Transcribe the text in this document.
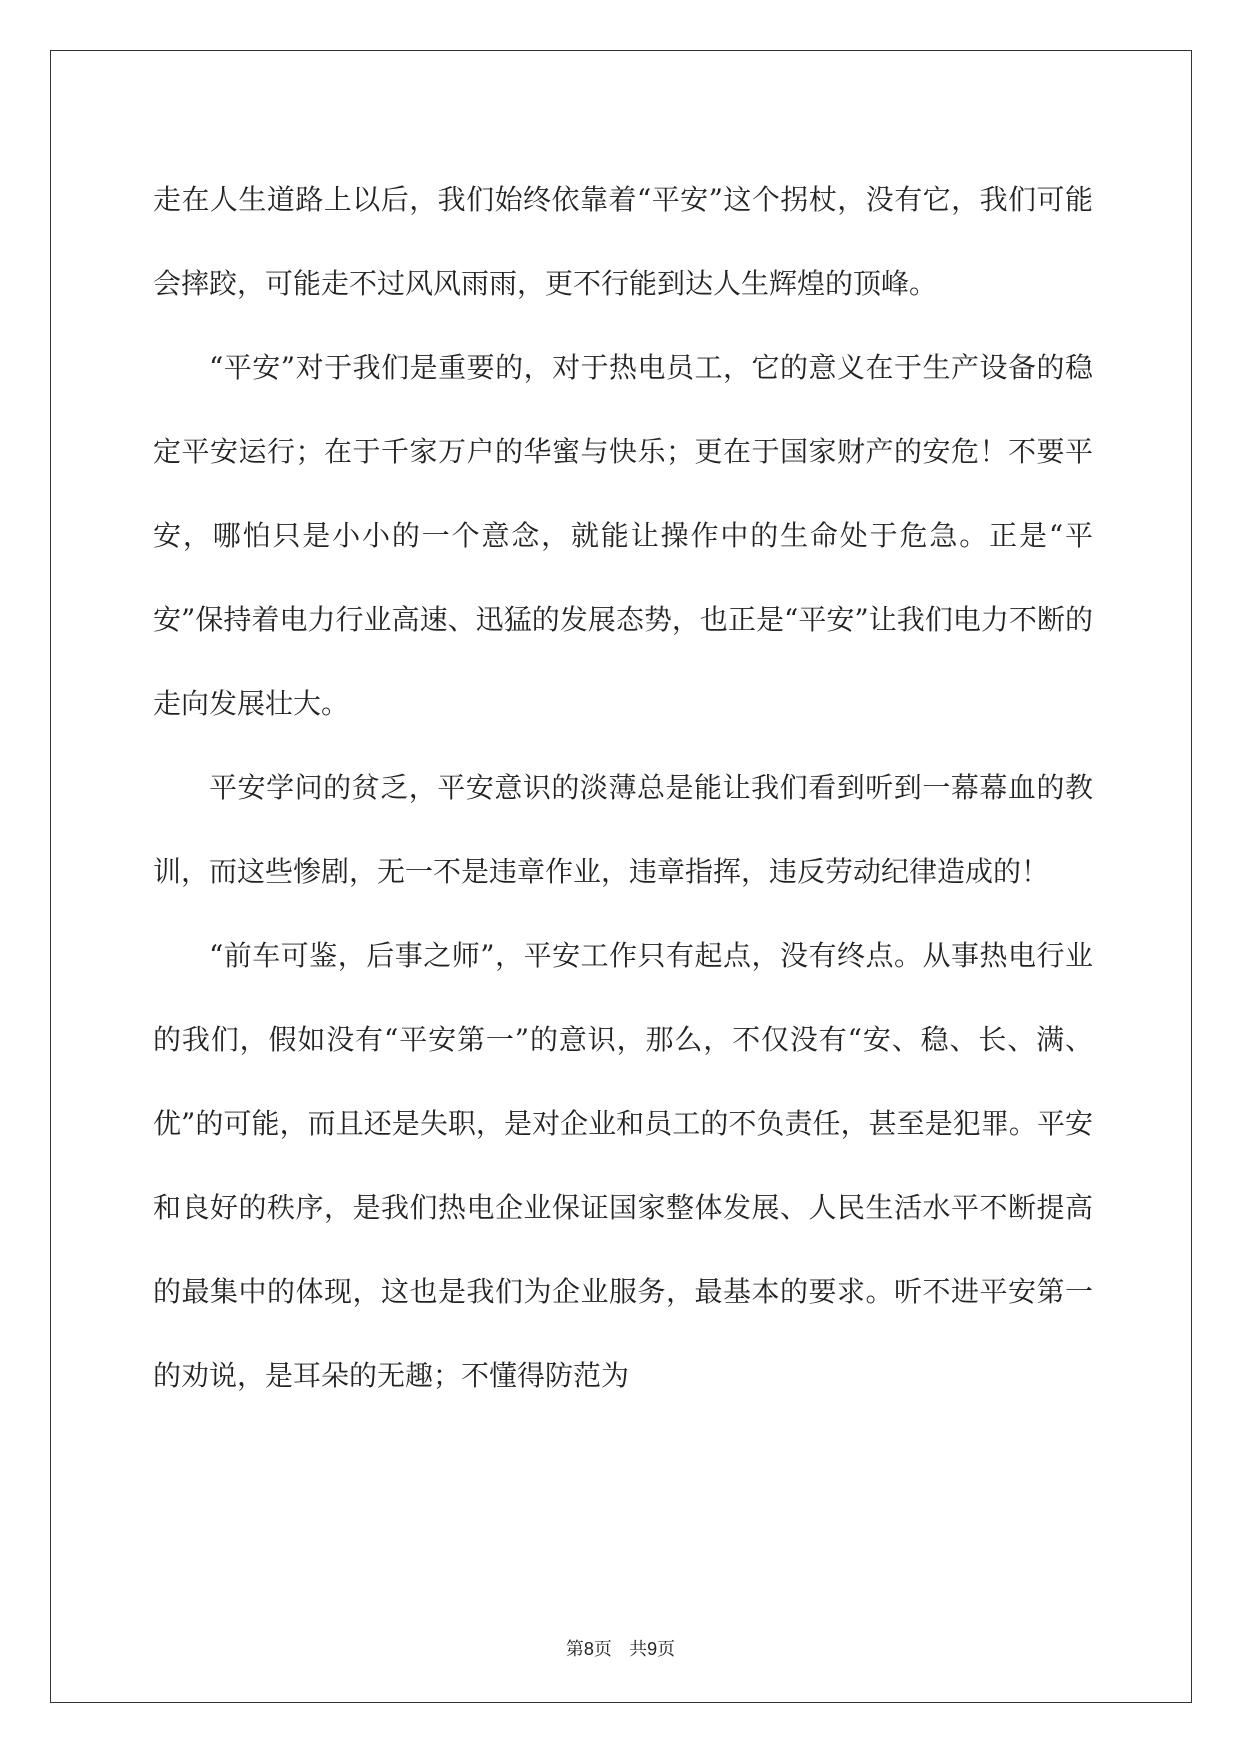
走在人生道路上以后，我们始终依靠着“平安”这个拐杖，没有它，我们可能会摔跤，可能走不过风风雨雨，更不行能到达人生辉煌的顶峰。

“平安”对于我们是重要的，对于热电员工，它的意义在于生产设备的稳定平安运行；在于千家万户的华蜜与快乐；更在于国家财产的安危！不要平安，哪怕只是小小的一个意念，就能让操作中的生命处于危急。正是“平安”保持着电力行业高速、迅猛的发展态势，也正是“平安”让我们电力不断的走向发展壮大。

平安学问的贫乏，平安意识的淡薄总是能让我们看到听到一幕幕血的教训，而这些惨剧，无一不是违章作业，违章指挥，违反劳动纪律造成的！

“前车可鉴，后事之师”，平安工作只有起点，没有终点。从事热电行业的我们，假如没有“平安第一”的意识，那么，不仅没有“安、稳、长、满、优”的可能，而且还是失职，是对企业和员工的不负责任，甚至是犯罪。平安和良好的秩序，是我们热电企业保证国家整体发展、人民生活水平不断提高的最集中的体现，这也是我们为企业服务，最基本的要求。听不进平安第一的劝说，是耳朵的无趣；不懂得防范为

第8页 共9页
